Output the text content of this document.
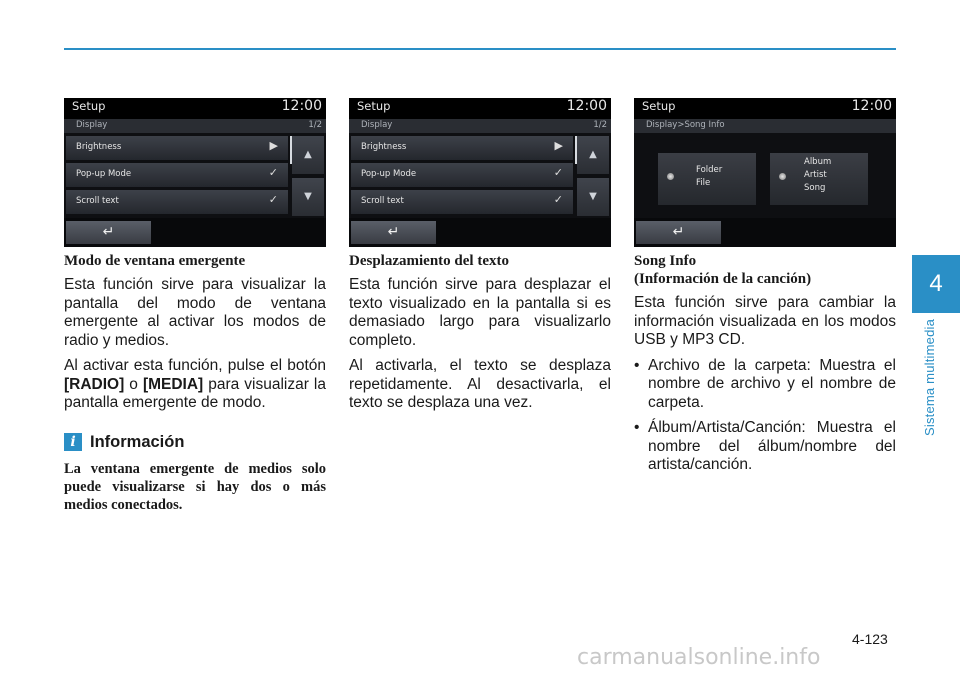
4
Sistema multimedia
Setup	12:00
Display	1/2
Brightness	▶
Pop-up Mode	✓
Scroll text	✓
▲
▼
↵
Modo de ventana emergente

Esta función sirve para visualizar la pantalla del modo de ventana emergente al activar los modos de radio y medios.

Al activar esta función, pulse el botón [RADIO] o [MEDIA] para visualizar la pantalla emergente de modo.

i Información
La ventana emergente de medios solo puede visualizarse si hay dos o más medios conectados.
Setup	12:00
Display	1/2
Brightness	▶
Pop-up Mode	✓
Scroll text	✓
▲
▼
↵
Desplazamiento del texto

Esta función sirve para desplazar el texto visualizado en la pantalla si es demasiado largo para visualizarlo completo.

Al activarla, el texto se desplaza repetidamente. Al desactivarla, el texto se desplaza una vez.

Setup	12:00
Display>Song Info
Folder
File
Album
Artist
Song
↵
Song Info
(Información de la canción)

Esta función sirve para cambiar la información visualizada en los modos USB y MP3 CD.

• Archivo de la carpeta: Muestra el nombre de archivo y el nombre de carpeta.
• Álbum/Artista/Canción: Muestra el nombre del álbum/nombre del artista/canción.
4-123
carmanualsonline.info
